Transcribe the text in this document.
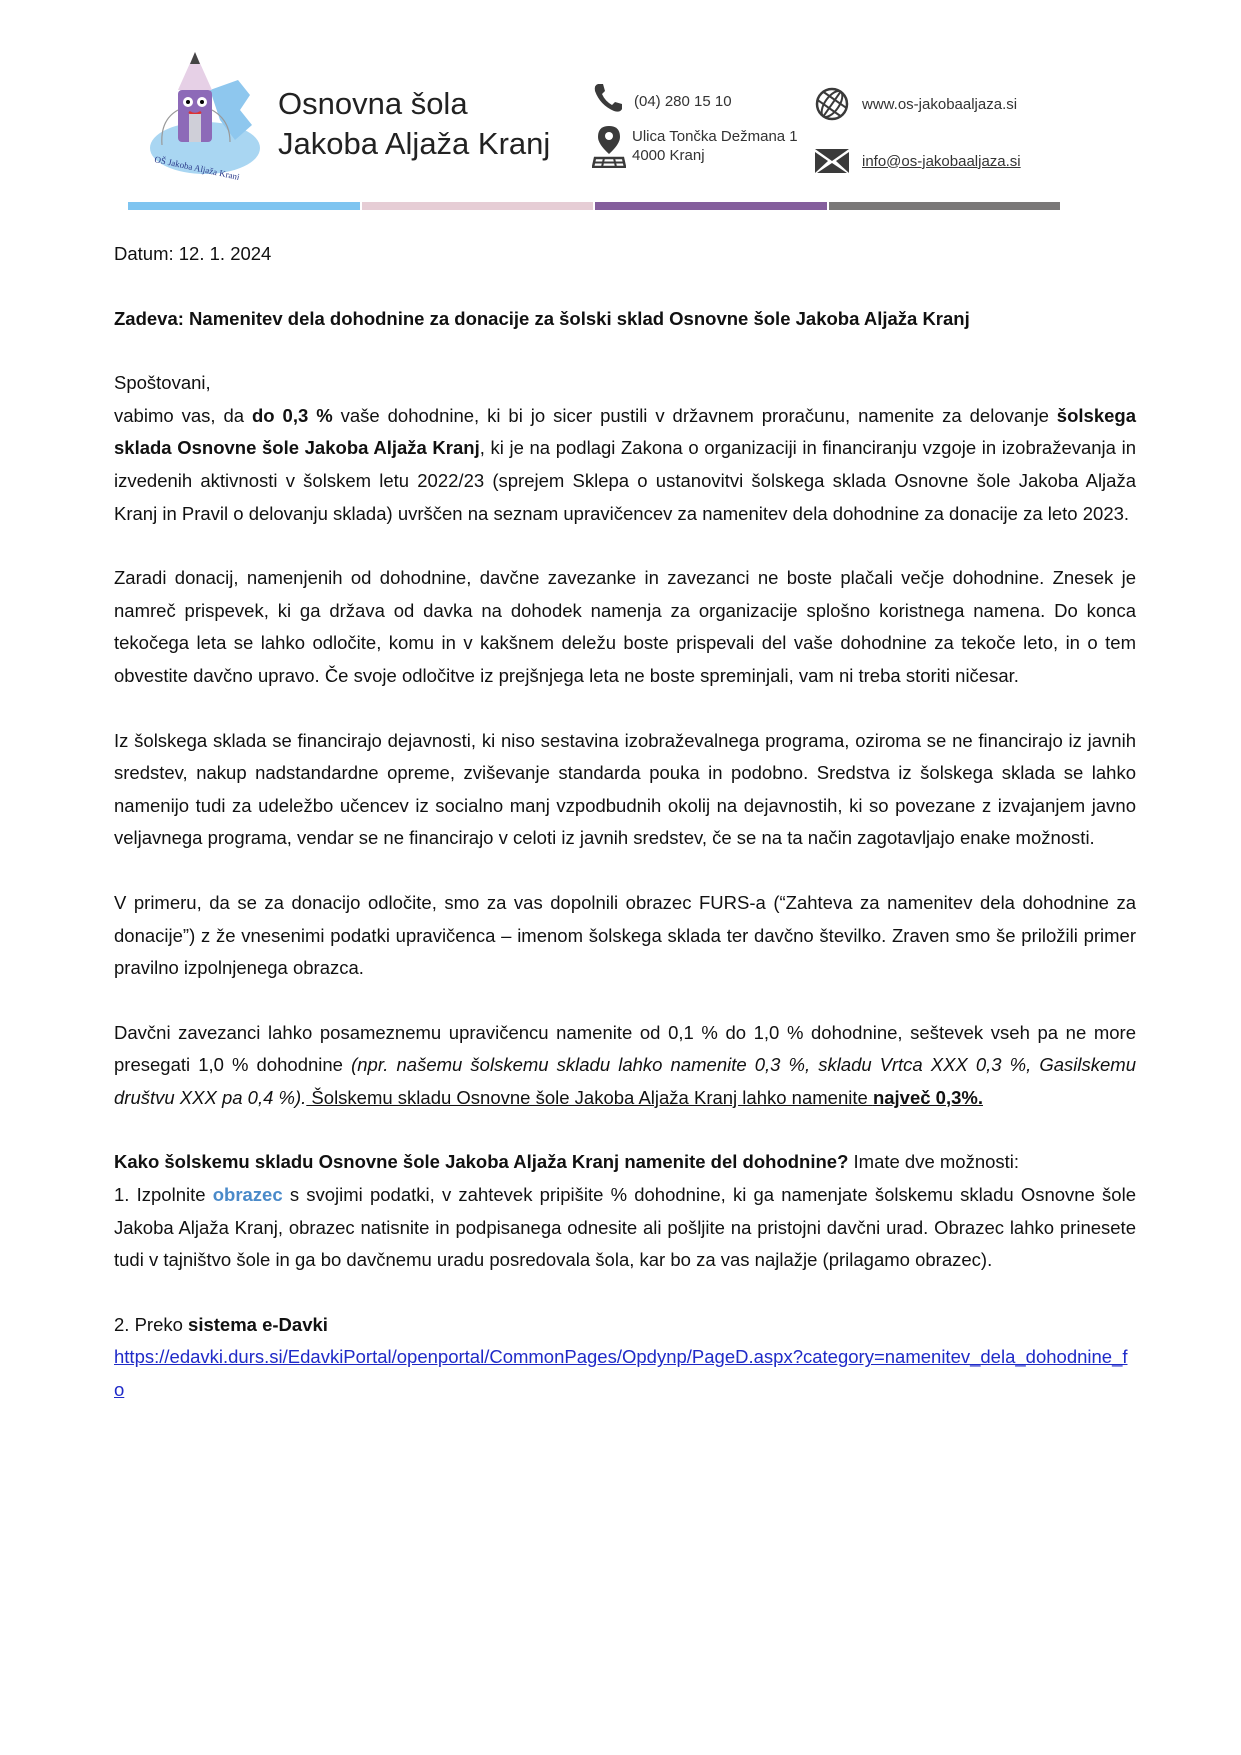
OŠ Jakoba Aljaža Kranj
Osnovna šola
Jakoba Aljaža Kranj
(04) 280 15 10
Ulica Tončka Dežmana 1
4000 Kranj
www.os-jakobaaljaza.si
info@os-jakobaaljaza.si

Datum: 12. 1. 2024

Zadeva: Namenitev dela dohodnine za donacije za šolski sklad Osnovne šole Jakoba Aljaža Kranj

Spoštovani,

vabimo vas, da do 0,3 % vaše dohodnine, ki bi jo sicer pustili v državnem proračunu, namenite za delovanje šolskega sklada Osnovne šole Jakoba Aljaža Kranj, ki je na podlagi Zakona o organizaciji in financiranju vzgoje in izobraževanja in izvedenih aktivnosti v šolskem letu 2022/23 (sprejem Sklepa o ustanovitvi šolskega sklada Osnovne šole Jakoba Aljaža Kranj in Pravil o delovanju sklada) uvrščen na seznam upravičencev za namenitev dela dohodnine za donacije za leto 2023.

Zaradi donacij, namenjenih od dohodnine, davčne zavezanke in zavezanci ne boste plačali večje dohodnine. Znesek je namreč prispevek, ki ga država od davka na dohodek namenja za organizacije splošno koristnega namena. Do konca tekočega leta se lahko odločite, komu in v kakšnem deležu boste prispevali del vaše dohodnine za tekoče leto, in o tem obvestite davčno upravo. Če svoje odločitve iz prejšnjega leta ne boste spreminjali, vam ni treba storiti ničesar.

Iz šolskega sklada se financirajo dejavnosti, ki niso sestavina izobraževalnega programa, oziroma se ne financirajo iz javnih sredstev, nakup nadstandardne opreme, zviševanje standarda pouka in podobno. Sredstva iz šolskega sklada se lahko namenijo tudi za udeležbo učencev iz socialno manj vzpodbudnih okolij na dejavnostih, ki so povezane z izvajanjem javno veljavnega programa, vendar se ne financirajo v celoti iz javnih sredstev, če se na ta način zagotavljajo enake možnosti.

V primeru, da se za donacijo odločite, smo za vas dopolnili obrazec FURS-a (“Zahteva za namenitev dela dohodnine za donacije”) z že vnesenimi podatki upravičenca – imenom šolskega sklada ter davčno številko. Zraven smo še priložili primer pravilno izpolnjenega obrazca.

Davčni zavezanci lahko posameznemu upravičencu namenite od 0,1 % do 1,0 % dohodnine, seštevek vseh pa ne more presegati 1,0 % dohodnine (npr. našemu šolskemu skladu lahko namenite 0,3 %, skladu Vrtca XXX 0,3 %, Gasilskemu društvu XXX pa 0,4 %). Šolskemu skladu Osnovne šole Jakoba Aljaža Kranj lahko namenite največ 0,3%.

Kako šolskemu skladu Osnovne šole Jakoba Aljaža Kranj namenite del dohodnine? Imate dve možnosti:

1. Izpolnite obrazec s svojimi podatki, v zahtevek pripišite % dohodnine, ki ga namenjate šolskemu skladu Osnovne šole Jakoba Aljaža Kranj, obrazec natisnite in podpisanega odnesite ali pošljite na pristojni davčni urad. Obrazec lahko prinesete tudi v tajništvo šole in ga bo davčnemu uradu posredovala šola, kar bo za vas najlažje (prilagamo obrazec).

2. Preko sistema e-Davki

https://edavki.durs.si/EdavkiPortal/openportal/CommonPages/Opdynp/PageD.aspx?category=namenitev_dela_dohodnine_fo
